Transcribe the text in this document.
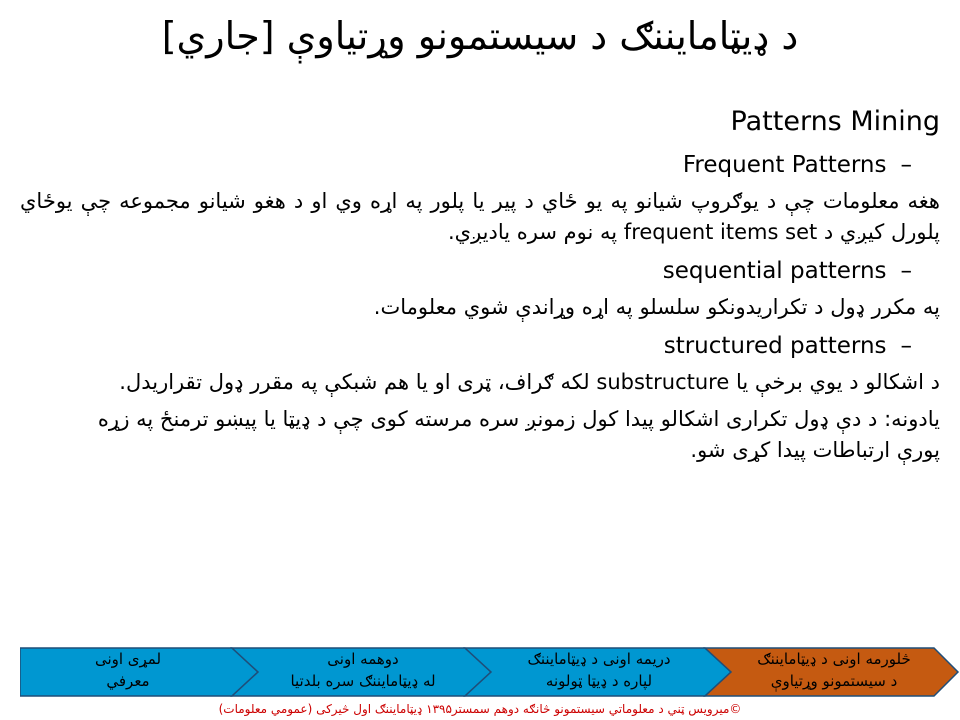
د ډیټامایننګ د سیستمونو وړتیاوې [جاري]

Patterns Mining

–Frequent Patterns

هغه معلومات چې د یوګروپ شیانو په یو ځاي د پیر یا پلور په اړه وي او د هغو شیانو مجموعه چې یوځاي پلورل کیږي د frequent items set په نوم سره یادیږي.

–sequential patterns

په مکرر ډول د تکراریدونکو سلسلو په اړه وړاندې شوي معلومات.

–structured patterns

د اشکالو د یوي برخې یا substructure لکه ګراف، ټری او یا هم شبکې په مقرر ډول تقراریدل.

یادونه: د دې ډول تکراری اشکالو پیدا کول زمونږ سره مرسته کوی چې د ډیټا یا پیښو ترمنځ په زړه پورې ارتباطات پیدا کړی شو.

لمړی اونی
معرفي
دوهمه اونی
له ډیټامایننګ سره بلدتیا
دریمه اونی د ډیټامایننګ
لپاره د ډیټا ټولونه
څلورمه اونی د ډیټامایننګ
د سیستمونو وړتیاوې
©میرویس ټني د معلوماتي سیستمونو څانګه دوهم سمستر۱۳۹۵ ډیټامایننګ اول څیرکی (عمومي معلومات)
